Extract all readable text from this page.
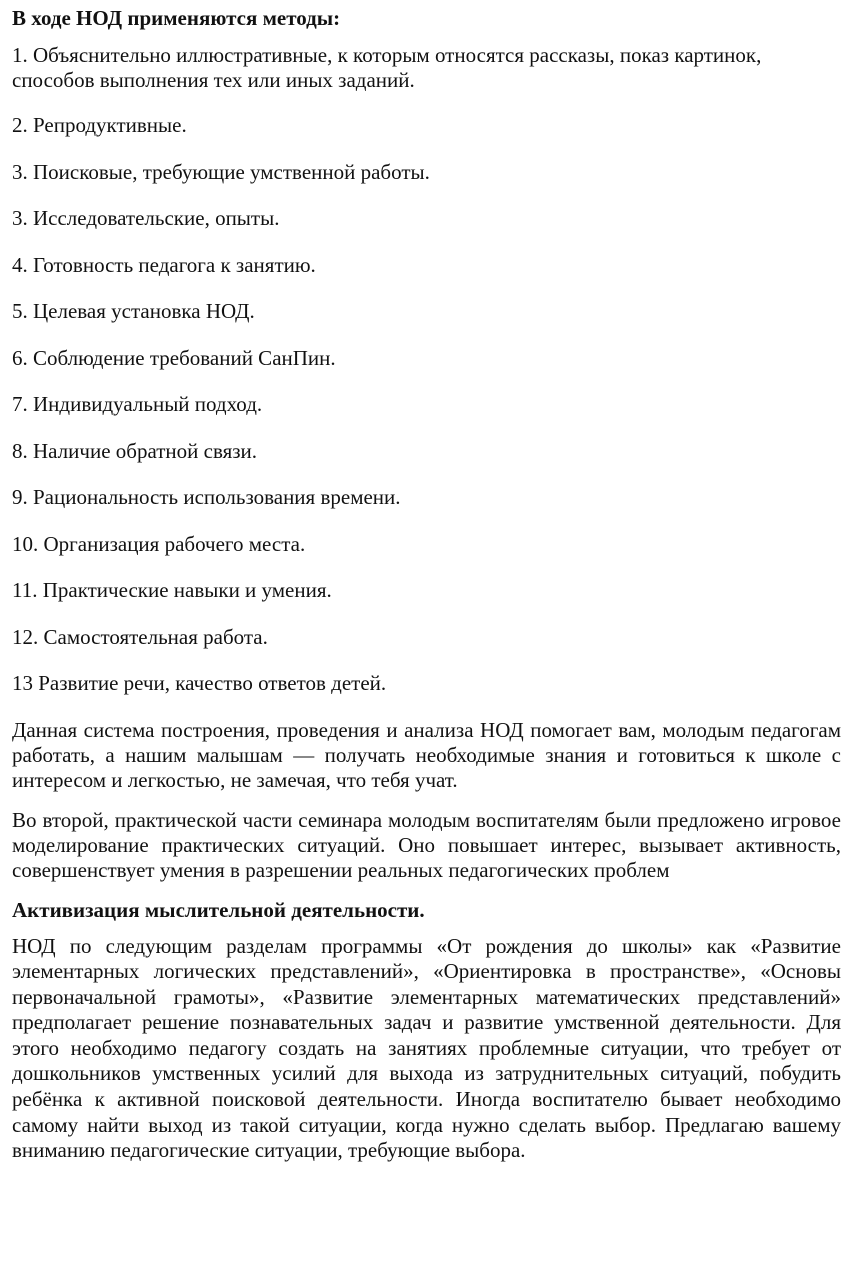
В ходе НОД применяются методы:
1. Объяснительно иллюстративные, к которым относятся рассказы, показ картинок, способов выполнения тех или иных заданий.
2. Репродуктивные.
3. Поисковые, требующие умственной работы.
3. Исследовательские, опыты.
4. Готовность педагога к занятию.
5. Целевая установка НОД.
6. Соблюдение требований СанПин.
7. Индивидуальный подход.
8. Наличие обратной связи.
9. Рациональность использования времени.
10. Организация рабочего места.
11. Практические навыки и умения.
12. Самостоятельная работа.
13 Развитие речи, качество ответов детей.

Данная система построения, проведения и анализа НОД помогает вам, молодым педагогам работать, а нашим малышам — получать необходимые знания и готовиться к школе с интересом и легкостью, не замечая, что тебя учат.

Во второй, практической части семинара молодым воспитателям были предложено игровое моделирование практических ситуаций. Оно повышает интерес, вызывает активность, совершенствует умения в разрешении реальных педагогических проблем

Активизация мыслительной деятельности.

НОД по следующим разделам программы «От рождения до школы» как «Развитие элементарных логических представлений», «Ориентировка в пространстве», «Основы первоначальной грамоты», «Развитие элементарных математических представлений» предполагает решение познавательных задач и развитие умственной деятельности. Для этого необходимо педагогу создать на занятиях проблемные ситуации, что требует от дошкольников умственных усилий для выхода из затруднительных ситуаций, побудить ребёнка к активной поисковой деятельности. Иногда воспитателю бывает необходимо самому найти выход из такой ситуации, когда нужно сделать выбор. Предлагаю вашему вниманию педагогические ситуации, требующие выбора.
